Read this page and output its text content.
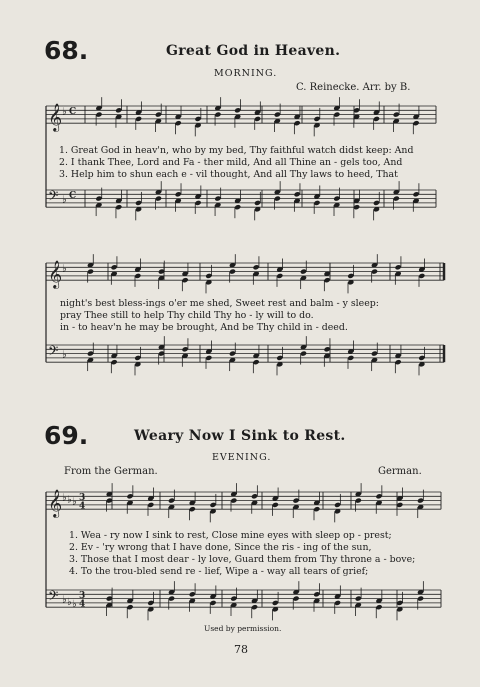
68.	Great God in Heaven.
MORNING.
C. Reinecke. Arr. by B.
𝄞 ♭ C
𝄢 ♭ C
1. Great God in heav'n, who by my bed, Thy faithful watch didst keep: And
2. I thank Thee, Lord and Fa - ther mild, And all Thine an - gels too, And
3. Help him to shun each e - vil thought, And all Thy laws to heed, That
𝄞 ♭
𝄢 ♭
night's best bless-ings o'er me shed, Sweet rest and balm - y sleep:
pray Thee still to help Thy child Thy ho - ly will to do.
in - to heav'n he may be brought, And be Thy child in - deed.
69.	Weary Now I Sink to Rest.
EVENING.
From the German.	German.
𝄞 ♭ ♭ ♭ 3
4
𝄢 ♭ ♭ ♭
3
4
1. Wea - ry now I sink to rest, Close mine eyes with sleep op - prest;
2. Ev - 'ry wrong that I have done, Since the ris - ing of the sun,
3. Those that I most dear - ly love, Guard them from Thy throne a - bove;
4. To the trou-bled send re - lief, Wipe a - way all tears of grief;
Used by permission.
78
